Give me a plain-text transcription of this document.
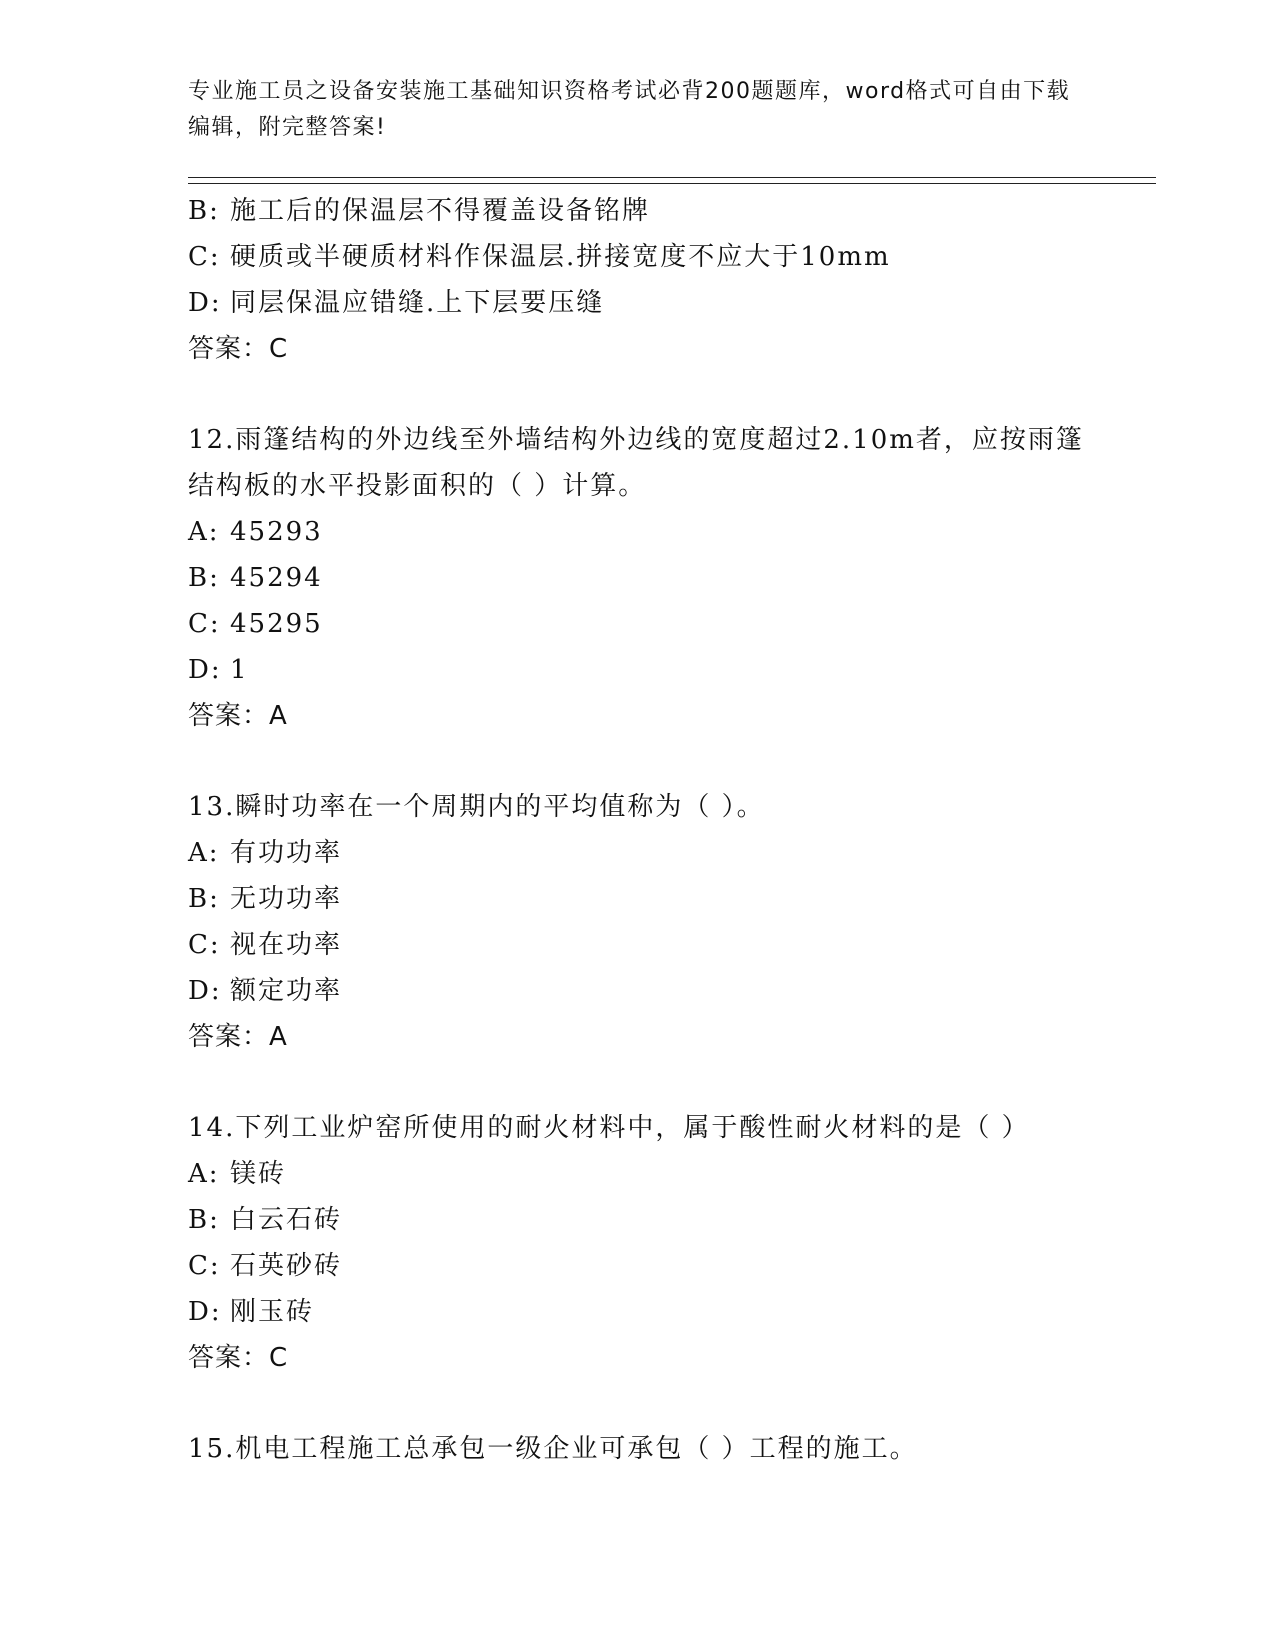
专业施工员之设备安装施工基础知识资格考试必背200题题库，word格式可自由下载编辑，附完整答案!
B: 施工后的保温层不得覆盖设备铭牌
C: 硬质或半硬质材料作保温层.拼接宽度不应大于10mm
D: 同层保温应错缝.上下层要压缝
答案：C
12.雨篷结构的外边线至外墙结构外边线的宽度超过2.10m者，应按雨篷结构板的水平投影面积的（ ）计算。
A: 45293
B: 45294
C: 45295
D: 1
答案：A
13.瞬时功率在一个周期内的平均值称为（ ）。
A: 有功功率
B: 无功功率
C: 视在功率
D: 额定功率
答案：A
14.下列工业炉窑所使用的耐火材料中，属于酸性耐火材料的是（ ）
A: 镁砖
B: 白云石砖
C: 石英砂砖
D: 刚玉砖
答案：C
15.机电工程施工总承包一级企业可承包（ ）工程的施工。
